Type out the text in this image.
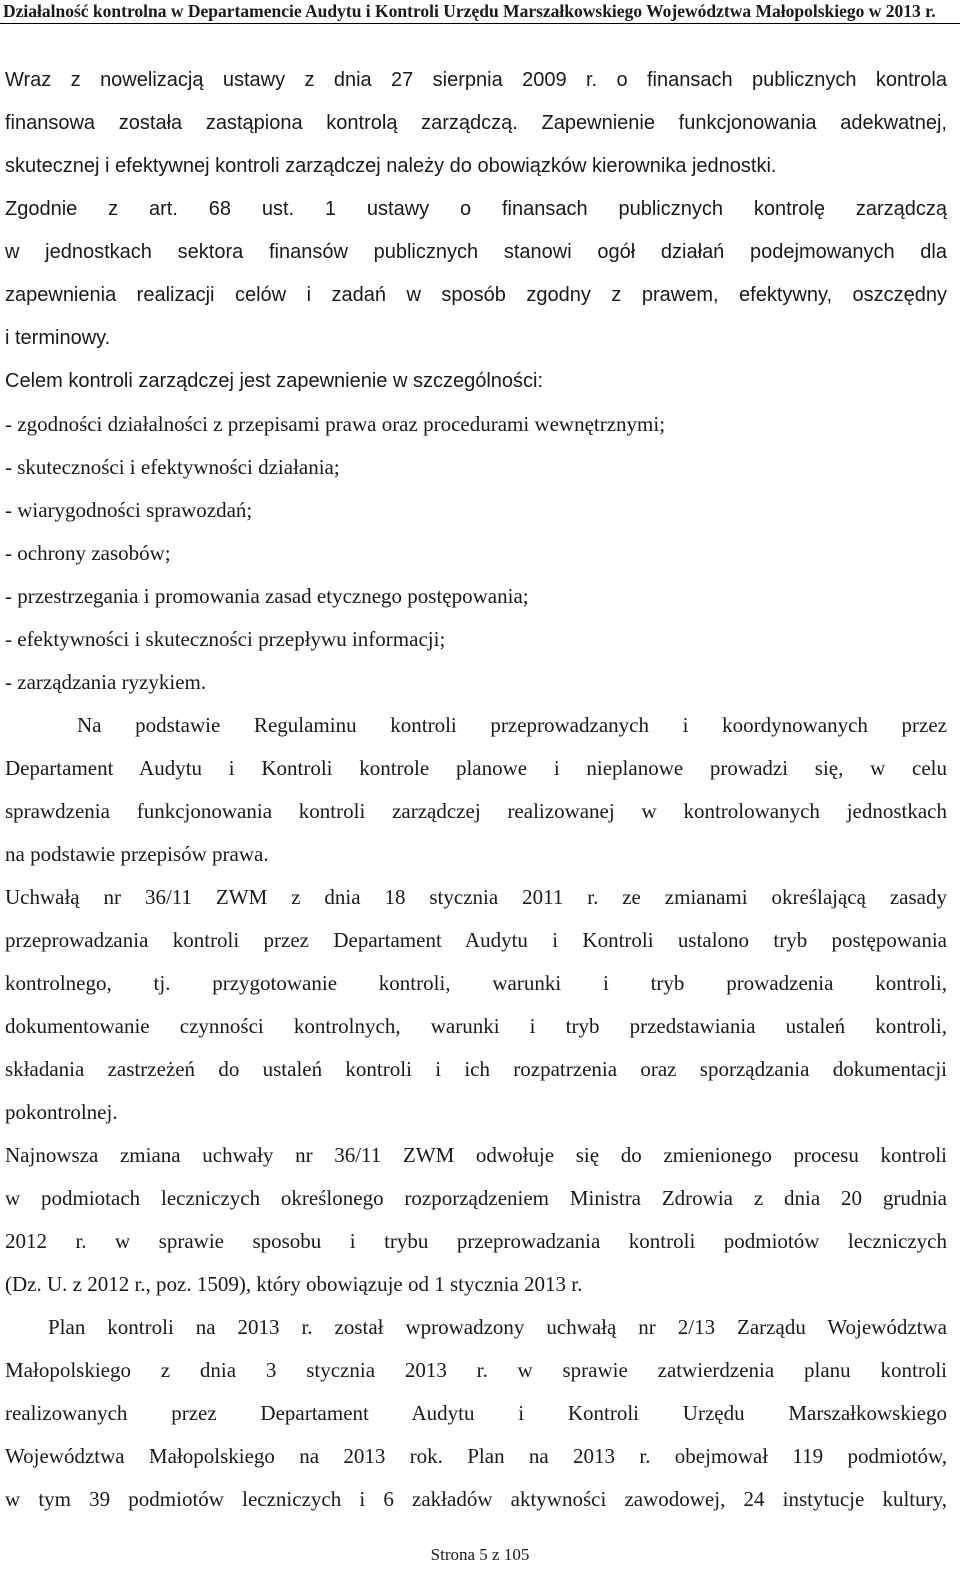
Działalność kontrolna w Departamencie Audytu i Kontroli Urzędu Marszałkowskiego Województwa Małopolskiego w 2013 r.
Wraz z nowelizacją ustawy z dnia 27 sierpnia 2009 r. o finansach publicznych kontrola
finansowa została zastąpiona kontrolą zarządczą. Zapewnienie funkcjonowania adekwatnej,
skutecznej i efektywnej kontroli zarządczej należy do obowiązków kierownika jednostki.
Zgodnie z art. 68 ust. 1 ustawy o finansach publicznych kontrolę zarządczą
w jednostkach sektora finansów publicznych stanowi ogół działań podejmowanych dla
zapewnienia realizacji celów i zadań w sposób zgodny z prawem, efektywny, oszczędny
i terminowy.
Celem kontroli zarządczej jest zapewnienie w szczególności:
- zgodności działalności z przepisami prawa oraz procedurami wewnętrznymi;
- skuteczności i efektywności działania;
- wiarygodności sprawozdań;
- ochrony zasobów;
- przestrzegania i promowania zasad etycznego postępowania;
- efektywności i skuteczności przepływu informacji;
- zarządzania ryzykiem.
Na podstawie Regulaminu kontroli przeprowadzanych i koordynowanych przez
Departament Audytu i Kontroli kontrole planowe i nieplanowe prowadzi się, w celu
sprawdzenia funkcjonowania kontroli zarządczej realizowanej w kontrolowanych jednostkach
na podstawie przepisów prawa.
Uchwałą nr 36/11 ZWM z dnia 18 stycznia 2011 r. ze zmianami określającą zasady
przeprowadzania kontroli przez Departament Audytu i Kontroli ustalono tryb postępowania
kontrolnego, tj. przygotowanie kontroli, warunki i tryb prowadzenia kontroli,
dokumentowanie czynności kontrolnych, warunki i tryb przedstawiania ustaleń kontroli,
składania zastrzeżeń do ustaleń kontroli i ich rozpatrzenia oraz sporządzania dokumentacji
pokontrolnej.
Najnowsza zmiana uchwały nr 36/11 ZWM odwołuje się do zmienionego procesu kontroli
w podmiotach leczniczych określonego rozporządzeniem Ministra Zdrowia z dnia 20 grudnia
2012 r. w sprawie sposobu i trybu przeprowadzania kontroli podmiotów leczniczych
(Dz. U. z 2012 r., poz. 1509), który obowiązuje od 1 stycznia 2013 r.
Plan kontroli na 2013 r. został wprowadzony uchwałą nr 2/13 Zarządu Województwa
Małopolskiego z dnia 3 stycznia 2013 r. w sprawie zatwierdzenia planu kontroli
realizowanych przez Departament Audytu i Kontroli Urzędu Marszałkowskiego
Województwa Małopolskiego na 2013 rok. Plan na 2013 r. obejmował 119 podmiotów,
w tym 39 podmiotów leczniczych i 6 zakładów aktywności zawodowej, 24 instytucje kultury,
Strona 5 z 105
